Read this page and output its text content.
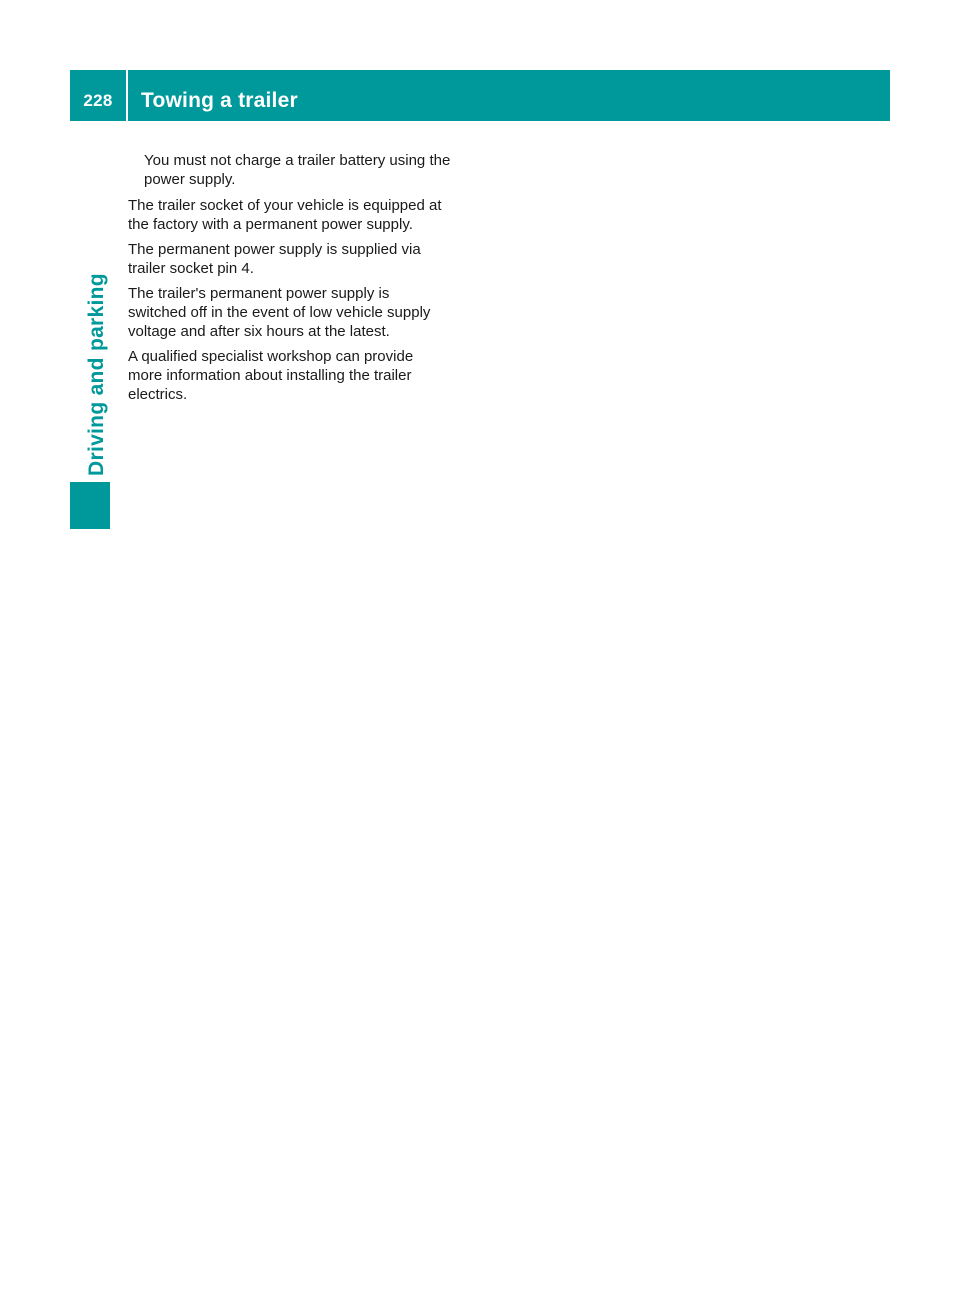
228	Towing a trailer
Driving and parking

You must not charge a trailer battery using the
power supply.

The trailer socket of your vehicle is equipped at
the factory with a permanent power supply.

The permanent power supply is supplied via
trailer socket pin 4.

The trailer's permanent power supply is
switched off in the event of low vehicle supply
voltage and after six hours at the latest.

A qualified specialist workshop can provide
more information about installing the trailer
electrics.
